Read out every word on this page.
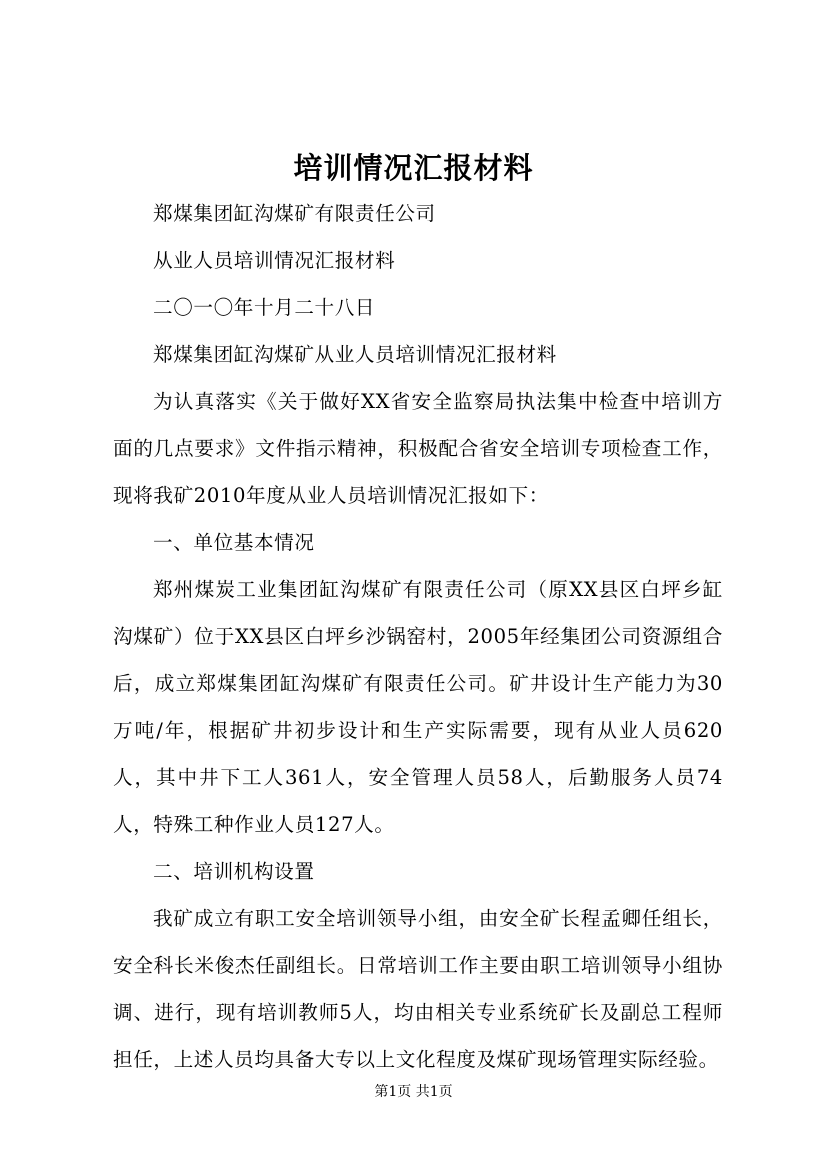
培训情况汇报材料

郑煤集团缸沟煤矿有限责任公司

从业人员培训情况汇报材料

二〇一〇年十月二十八日

郑煤集团缸沟煤矿从业人员培训情况汇报材料

为认真落实《关于做好XX省安全监察局执法集中检查中培训方面的几点要求》文件指示精神，积极配合省安全培训专项检查工作，现将我矿2010年度从业人员培训情况汇报如下：

一、单位基本情况

郑州煤炭工业集团缸沟煤矿有限责任公司（原XX县区白坪乡缸沟煤矿）位于XX县区白坪乡沙锅窑村，2005年经集团公司资源组合后，成立郑煤集团缸沟煤矿有限责任公司。矿井设计生产能力为30万吨/年，根据矿井初步设计和生产实际需要，现有从业人员620人，其中井下工人361人，安全管理人员58人，后勤服务人员74人，特殊工种作业人员127人。

二、培训机构设置

我矿成立有职工安全培训领导小组，由安全矿长程孟卿任组长，安全科长米俊杰任副组长。日常培训工作主要由职工培训领导小组协调、进行，现有培训教师5人，均由相关专业系统矿长及副总工程师担任，上述人员均具备大专以上文化程度及煤矿现场管理实际经验。

第1页 共1页
